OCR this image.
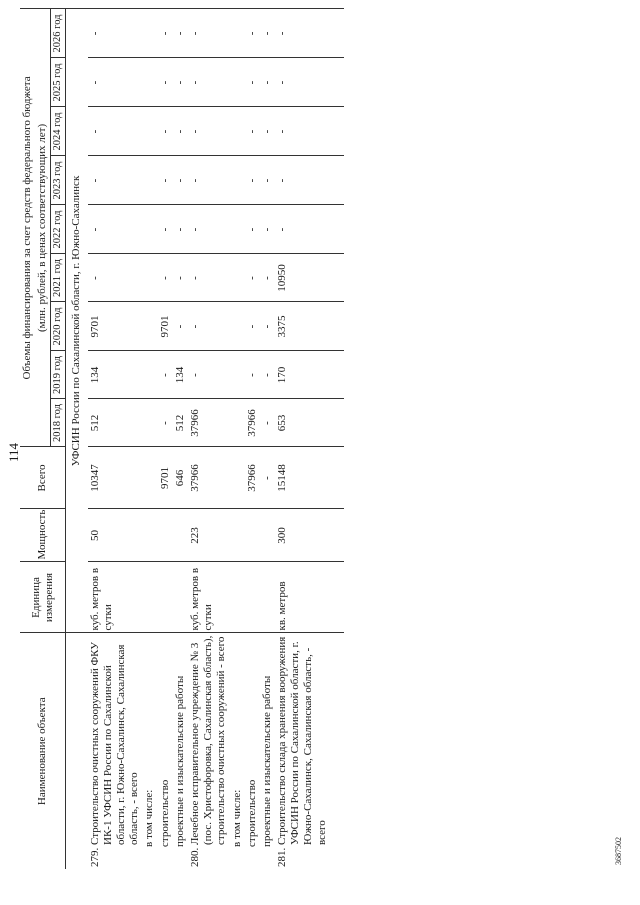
114
Наименование объекта	Единица измерения	Мощность	Всего	Объемы финансирования за счет средств федерального бюджета								
				(млн. рублей, в ценах соответствующих лет)								
				2018 год	2019 год	2020 год	2021 год	2022 год	2023 год	2024 год	2025 год	2026 год
	УФСИН России по Сахалинской области, г. Южно-Сахалинск											

279.
Строительство очистных сооружений ФКУ ИК-1 УФСИН России по Сахалинской области, г. Южно-Сахалинск, Сахалинская область, - всего	куб. метров в сутки	50	10347	512	134	9701	-	-	-	-	-	-
в том числе:												
строительство			9701	-	-	9701	-	-	-	-	-	-
проектные и изыскательские работы			646	512	134	-	-	-	-	-	-	-

280.
Лечебное исправительное учреждение № 3 (пос. Христофоровка, Сахалинская область), строительство очистных сооружений - всего	куб. метров в сутки	223	37966	37966	-	-	-	-	-	-	-	-
в том числе:												
строительство			37966	37966	-	-	-	-	-	-	-	-
проектные и изыскательские работы			-	-	-	-	-	-	-	-	-	-

281.
Строительство склада хранения вооружения УФСИН России по Сахалинской области, г. Южно-Сахалинск, Сахалинская область, - всего	кв. метров	300	15148	653	170	3375	10950	-	-	-	-	-

3687502
